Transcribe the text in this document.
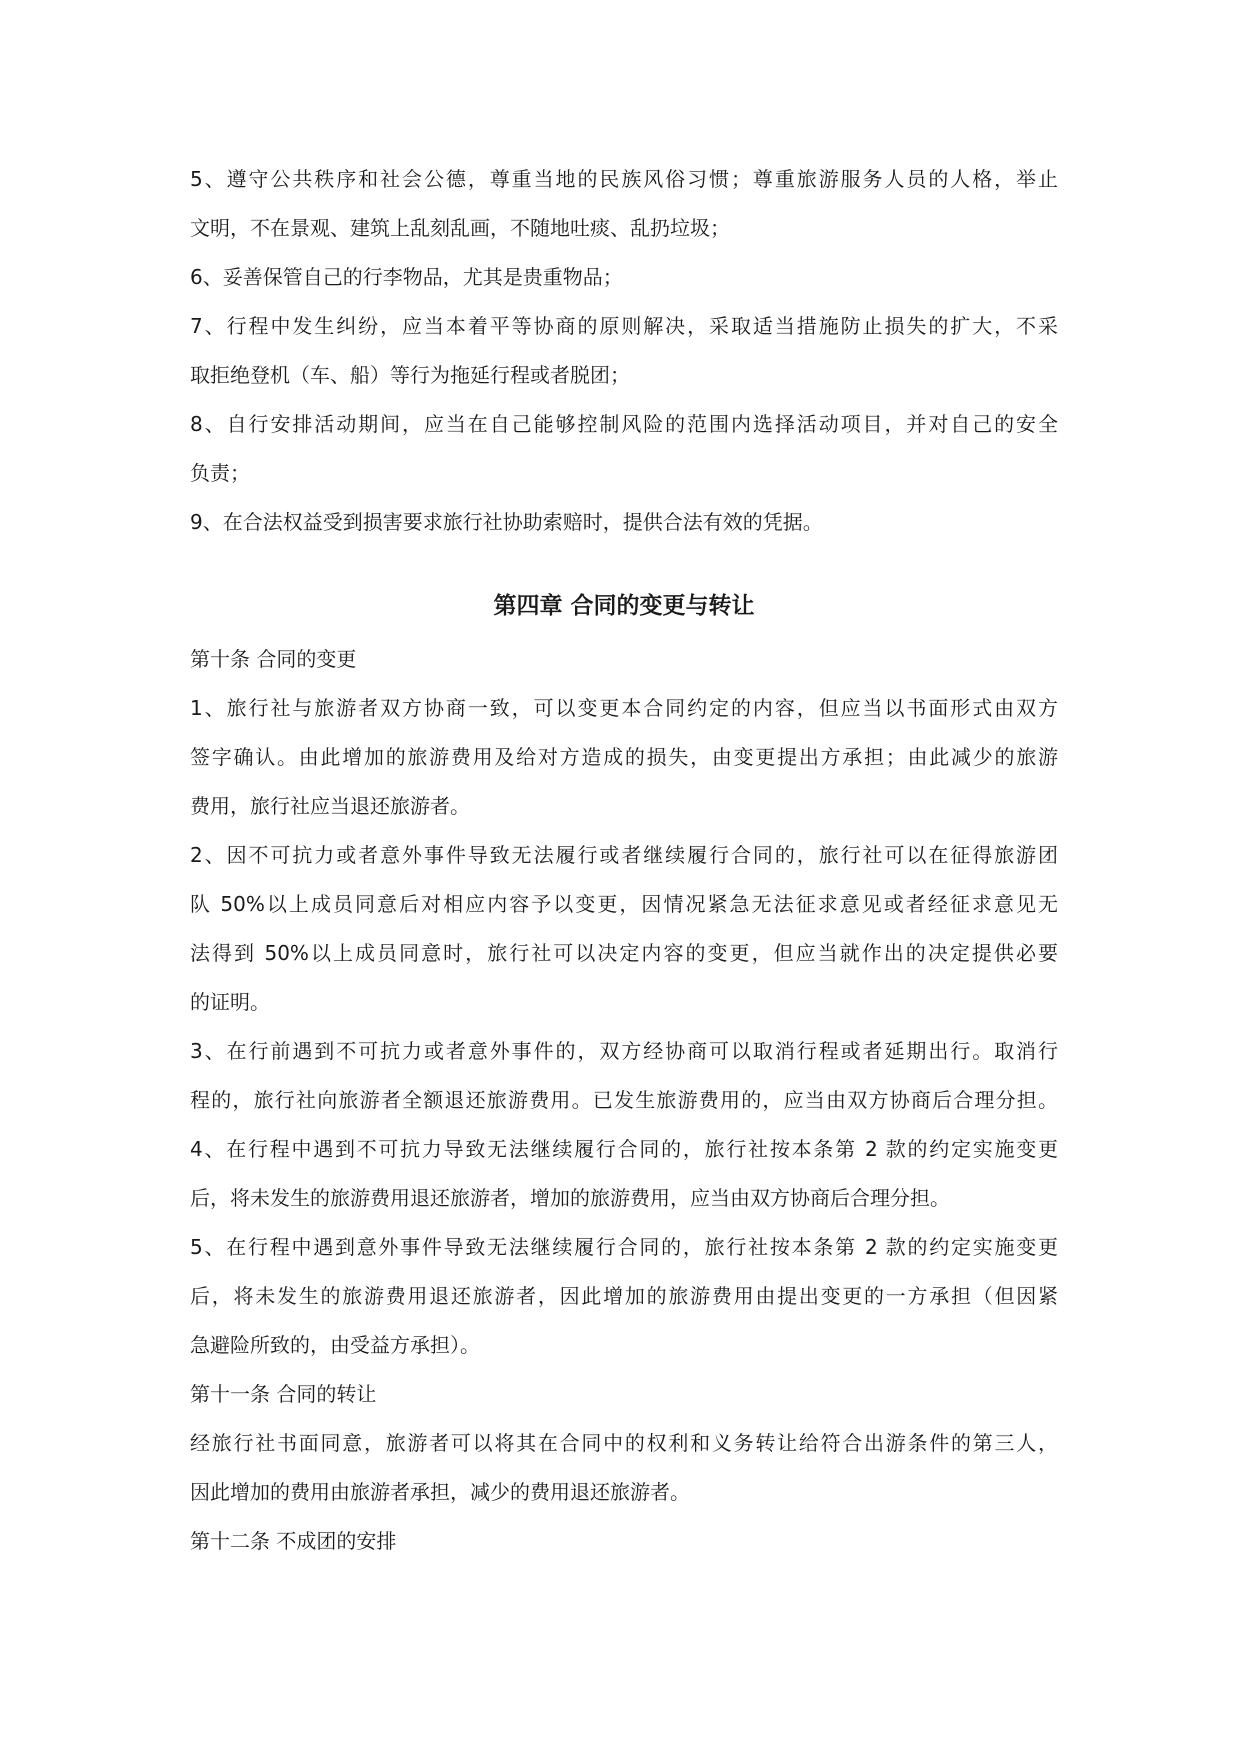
5、遵守公共秩序和社会公德，尊重当地的民族风俗习惯；尊重旅游服务人员的人格，举止
文明，不在景观、建筑上乱刻乱画，不随地吐痰、乱扔垃圾；
6、妥善保管自己的行李物品，尤其是贵重物品；
7、行程中发生纠纷，应当本着平等协商的原则解决，采取适当措施防止损失的扩大，不采
取拒绝登机（车、船）等行为拖延行程或者脱团；
8、自行安排活动期间，应当在自己能够控制风险的范围内选择活动项目，并对自己的安全
负责；
9、在合法权益受到损害要求旅行社协助索赔时，提供合法有效的凭据。
第四章 合同的变更与转让
第十条 合同的变更
1、旅行社与旅游者双方协商一致，可以变更本合同约定的内容，但应当以书面形式由双方
签字确认。由此增加的旅游费用及给对方造成的损失，由变更提出方承担；由此减少的旅游
费用，旅行社应当退还旅游者。
2、因不可抗力或者意外事件导致无法履行或者继续履行合同的，旅行社可以在征得旅游团
队 50%以上成员同意后对相应内容予以变更，因情况紧急无法征求意见或者经征求意见无
法得到 50%以上成员同意时，旅行社可以决定内容的变更，但应当就作出的决定提供必要
的证明。
3、在行前遇到不可抗力或者意外事件的，双方经协商可以取消行程或者延期出行。取消行
程的，旅行社向旅游者全额退还旅游费用。已发生旅游费用的，应当由双方协商后合理分担。
4、在行程中遇到不可抗力导致无法继续履行合同的，旅行社按本条第 2 款的约定实施变更
后，将未发生的旅游费用退还旅游者，增加的旅游费用，应当由双方协商后合理分担。
5、在行程中遇到意外事件导致无法继续履行合同的，旅行社按本条第 2 款的约定实施变更
后，将未发生的旅游费用退还旅游者，因此增加的旅游费用由提出变更的一方承担（但因紧
急避险所致的，由受益方承担）。
第十一条 合同的转让
经旅行社书面同意，旅游者可以将其在合同中的权利和义务转让给符合出游条件的第三人，
因此增加的费用由旅游者承担，减少的费用退还旅游者。
第十二条 不成团的安排
